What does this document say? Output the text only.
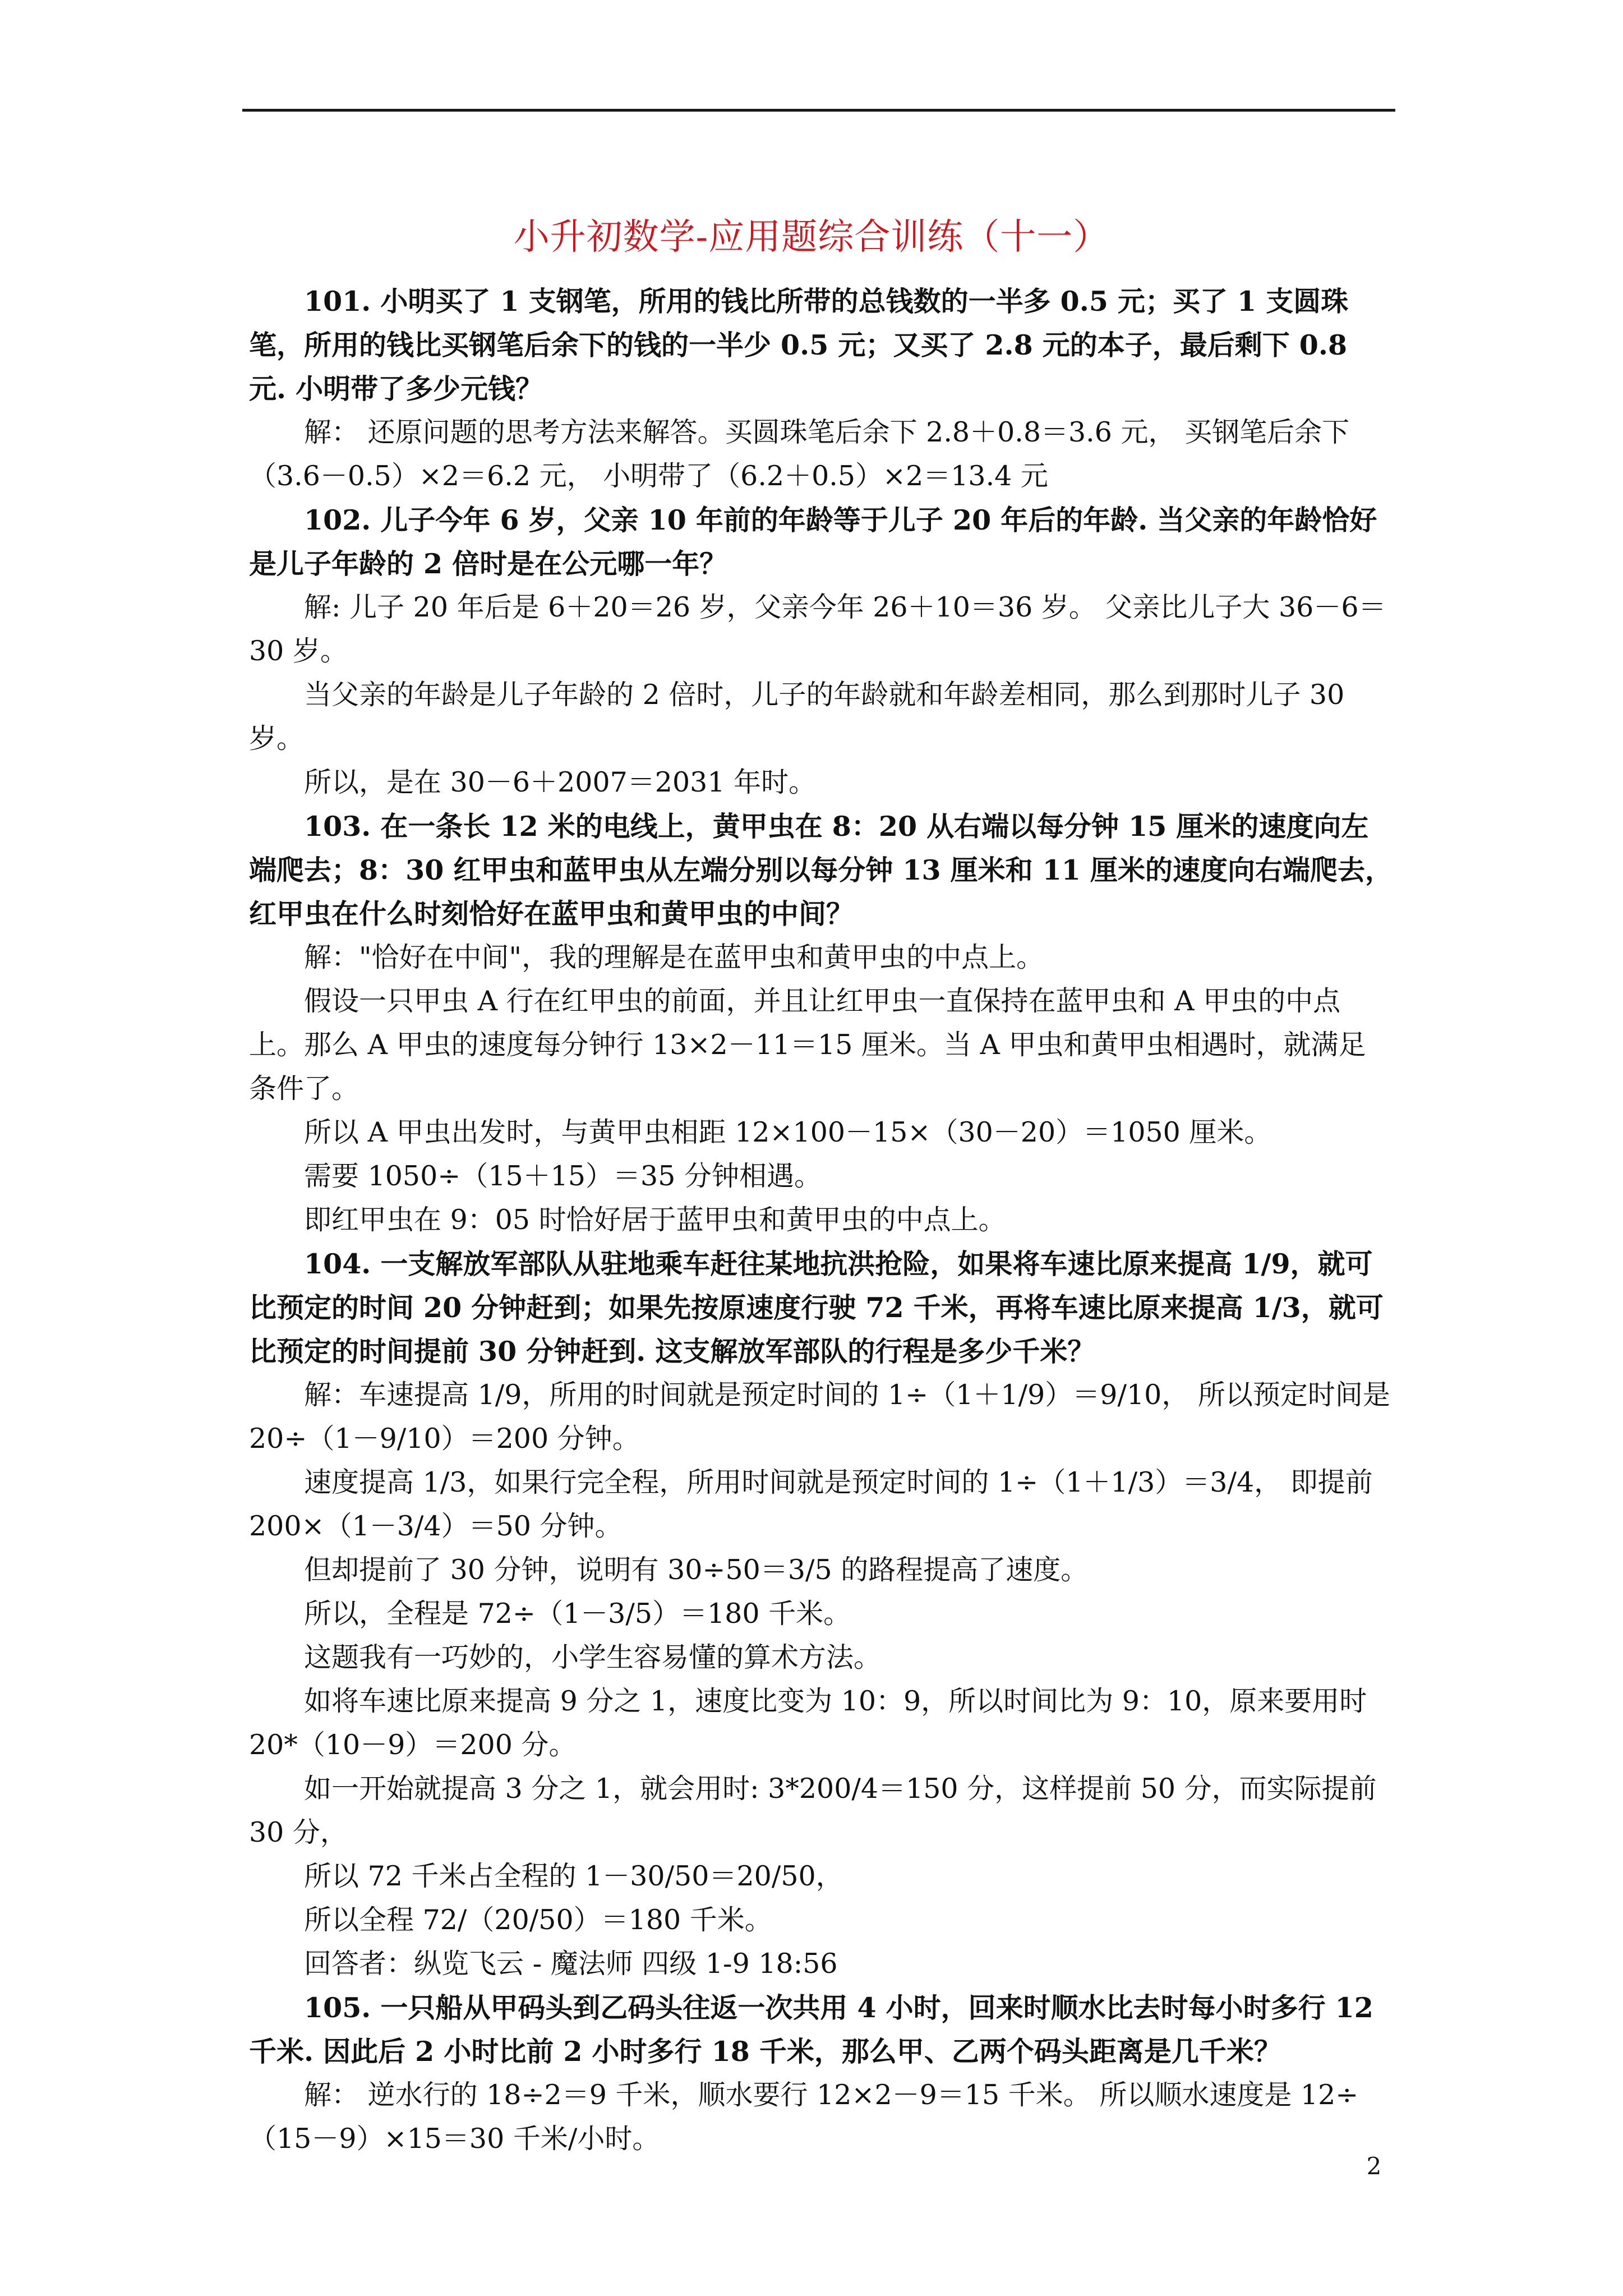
小升初数学-应用题综合训练（十一）

101. 小明买了 1 支钢笔，所用的钱比所带的总钱数的一半多 0.5 元；买了 1 支圆珠笔，所用的钱比买钢笔后余下的钱的一半少 0.5 元；又买了 2.8 元的本子，最后剩下 0.8 元. 小明带了多少元钱？

解： 还原问题的思考方法来解答。买圆珠笔后余下 2.8＋0.8＝3.6 元， 买钢笔后余下（3.6－0.5）×2＝6.2 元， 小明带了（6.2＋0.5）×2＝13.4 元

102. 儿子今年 6 岁，父亲 10 年前的年龄等于儿子 20 年后的年龄. 当父亲的年龄恰好是儿子年龄的 2 倍时是在公元哪一年？

解: 儿子 20 年后是 6＋20＝26 岁，父亲今年 26＋10＝36 岁。 父亲比儿子大 36－6＝30 岁。

当父亲的年龄是儿子年龄的 2 倍时，儿子的年龄就和年龄差相同，那么到那时儿子 30 岁。

所以，是在 30－6＋2007＝2031 年时。

103. 在一条长 12 米的电线上，黄甲虫在 8：20 从右端以每分钟 15 厘米的速度向左端爬去；8：30 红甲虫和蓝甲虫从左端分别以每分钟 13 厘米和 11 厘米的速度向右端爬去，红甲虫在什么时刻恰好在蓝甲虫和黄甲虫的中间？

解："恰好在中间"，我的理解是在蓝甲虫和黄甲虫的中点上。

假设一只甲虫 A 行在红甲虫的前面，并且让红甲虫一直保持在蓝甲虫和 A 甲虫的中点上。那么 A 甲虫的速度每分钟行 13×2－11＝15 厘米。当 A 甲虫和黄甲虫相遇时，就满足条件了。

所以 A 甲虫出发时，与黄甲虫相距 12×100－15×（30－20）＝1050 厘米。

需要 1050÷（15＋15）＝35 分钟相遇。

即红甲虫在 9：05 时恰好居于蓝甲虫和黄甲虫的中点上。

104. 一支解放军部队从驻地乘车赶往某地抗洪抢险，如果将车速比原来提高 1/9，就可比预定的时间 20 分钟赶到；如果先按原速度行驶 72 千米，再将车速比原来提高 1/3，就可比预定的时间提前 30 分钟赶到. 这支解放军部队的行程是多少千米？

解：车速提高 1/9，所用的时间就是预定时间的 1÷（1＋1/9）＝9/10， 所以预定时间是 20÷（1－9/10）＝200 分钟。

速度提高 1/3，如果行完全程，所用时间就是预定时间的 1÷（1＋1/3）＝3/4， 即提前 200×（1－3/4）＝50 分钟。

但却提前了 30 分钟，说明有 30÷50＝3/5 的路程提高了速度。

所以，全程是 72÷（1－3/5）＝180 千米。

这题我有一巧妙的，小学生容易懂的算术方法。

如将车速比原来提高 9 分之 1，速度比变为 10：9，所以时间比为 9：10，原来要用时 20*（10－9）＝200 分。

如一开始就提高 3 分之 1，就会用时: 3*200/4＝150 分，这样提前 50 分，而实际提前 30 分，

所以 72 千米占全程的 1－30/50＝20/50，

所以全程 72/（20/50）＝180 千米。

回答者：纵览飞云 - 魔法师 四级 1-9 18:56

105. 一只船从甲码头到乙码头往返一次共用 4 小时，回来时顺水比去时每小时多行 12 千米. 因此后 2 小时比前 2 小时多行 18 千米，那么甲、乙两个码头距离是几千米？

解： 逆水行的 18÷2＝9 千米，顺水要行 12×2－9＝15 千米。 所以顺水速度是 12÷（15－9）×15＝30 千米/小时。

2
